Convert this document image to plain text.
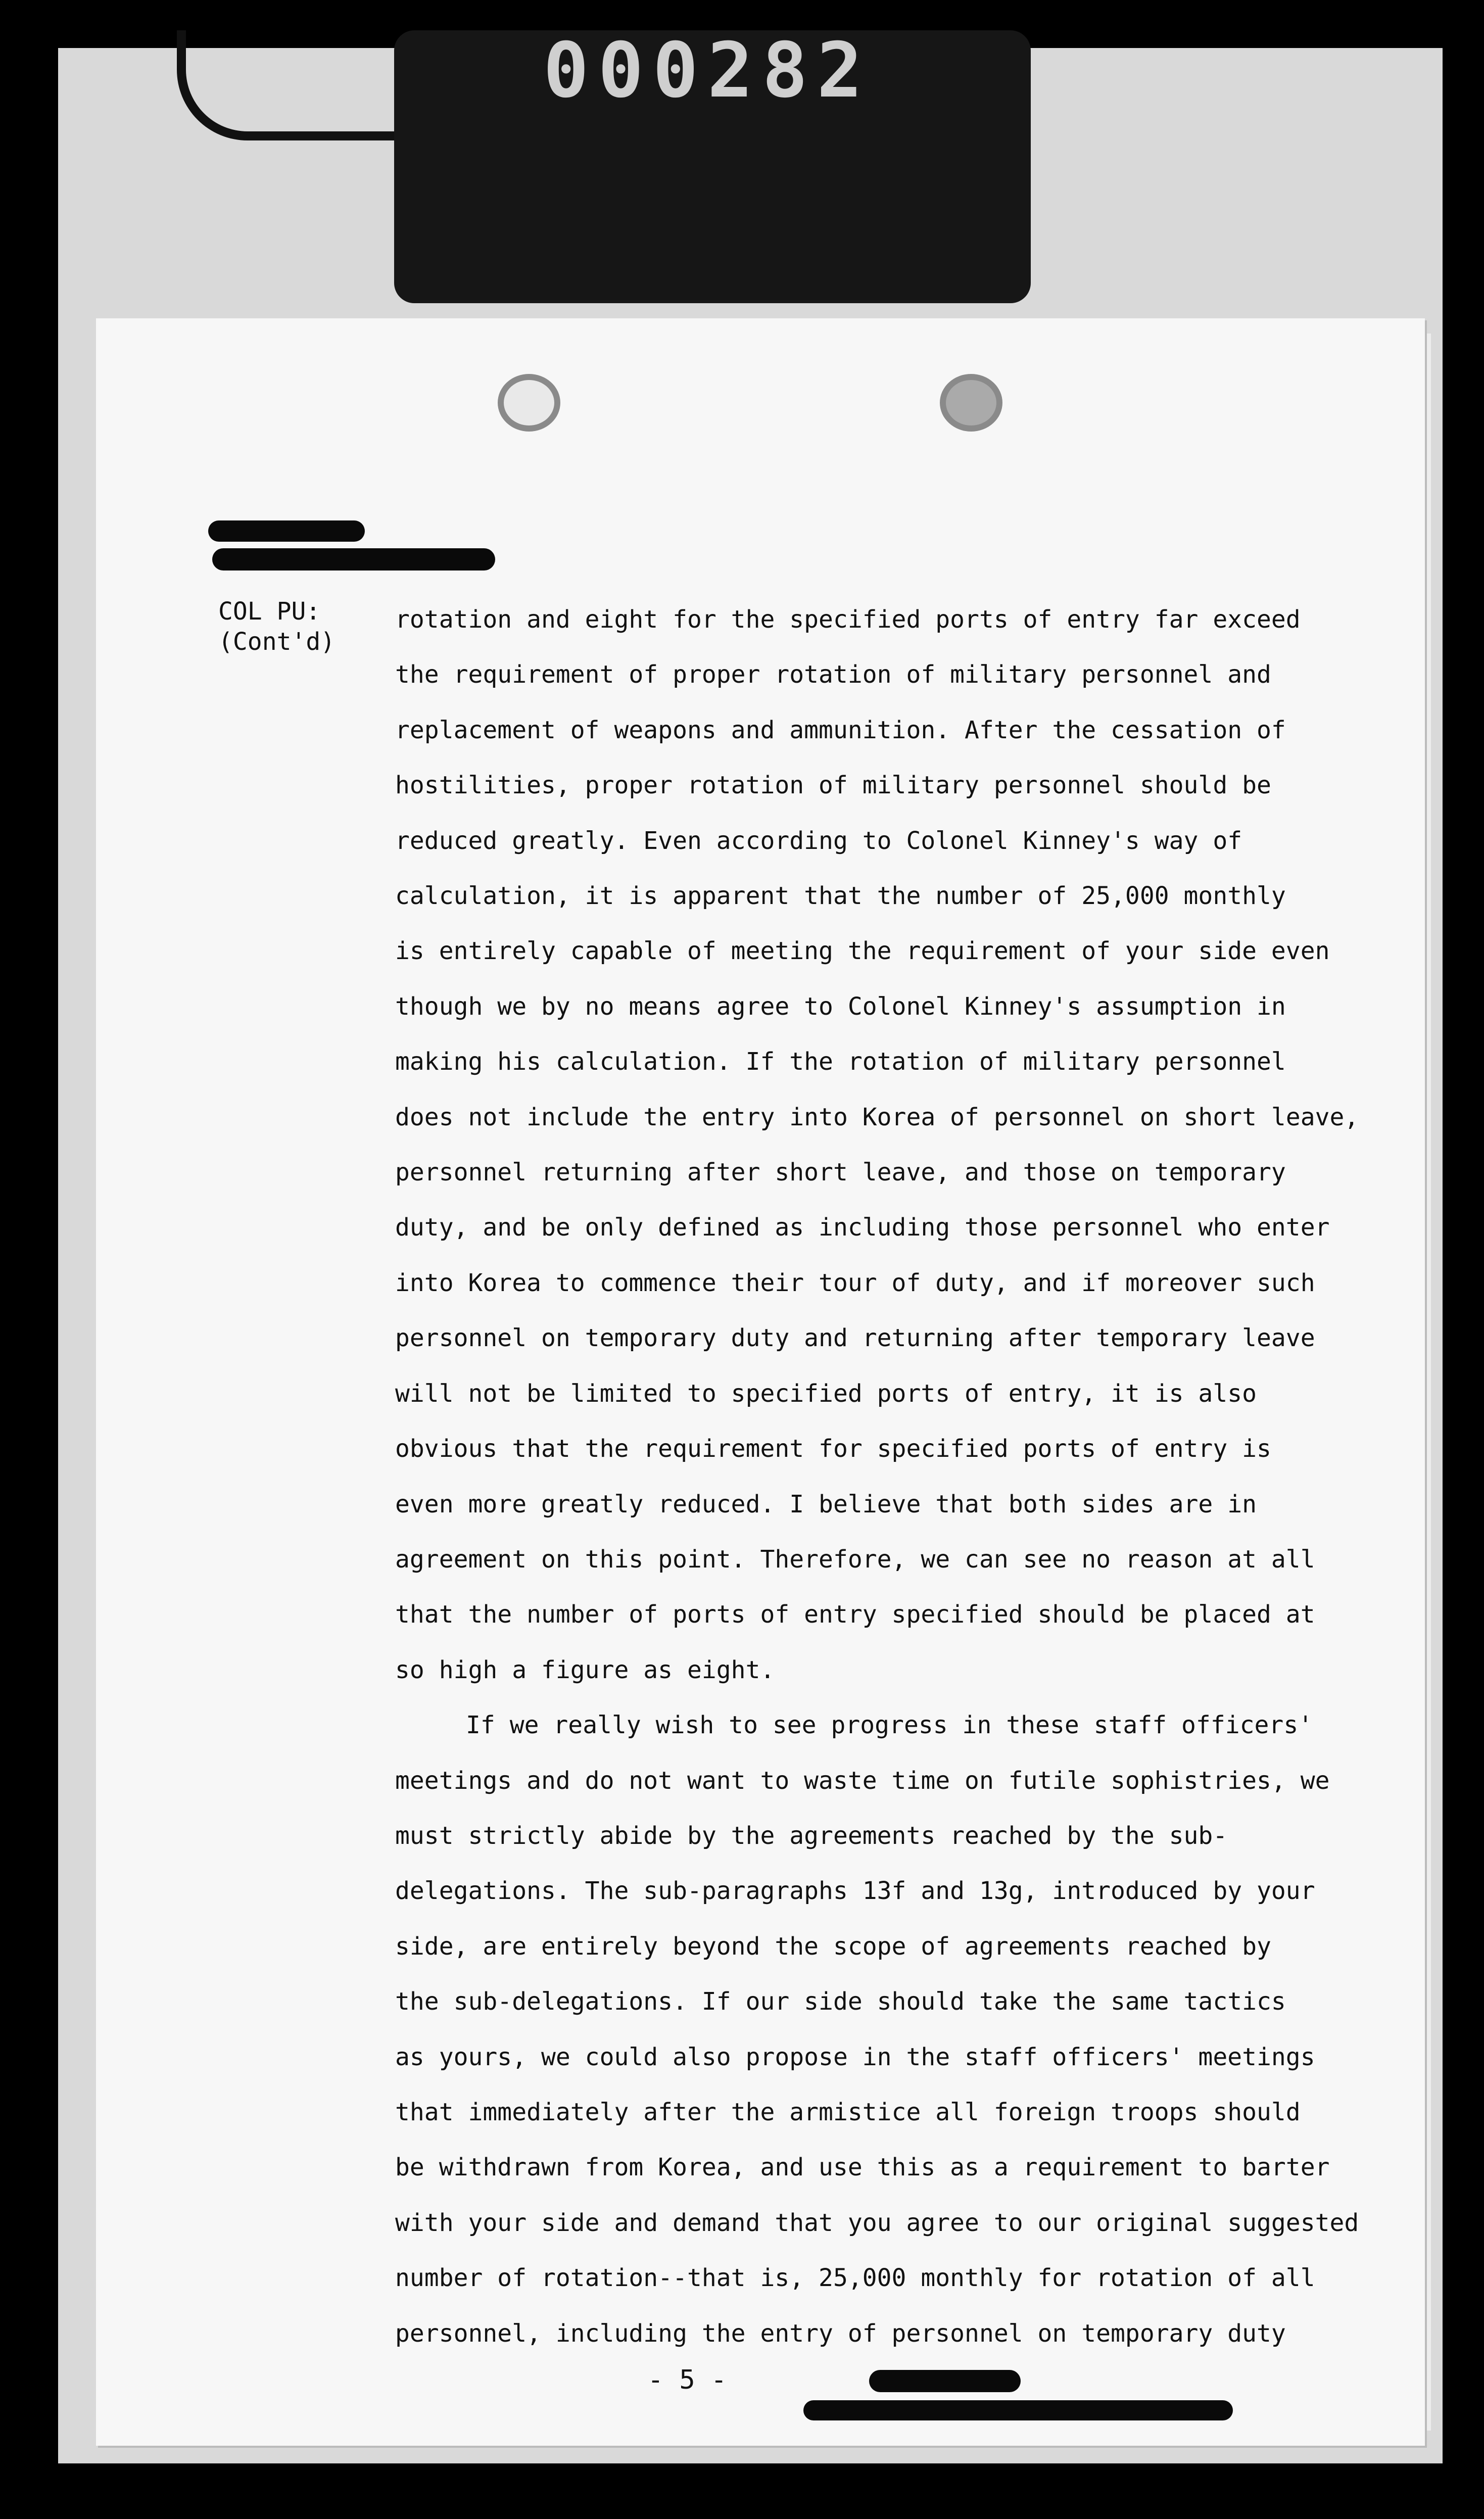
000282
COL PU:
(Cont'd)
rotation and eight for the specified ports of entry far exceed
the requirement of proper rotation of military personnel and
replacement of weapons and ammunition. After the cessation of
hostilities, proper rotation of military personnel should be
reduced greatly. Even according to Colonel Kinney's way of
calculation, it is apparent that the number of 25,000 monthly
is entirely capable of meeting the requirement of your side even
though we by no means agree to Colonel Kinney's assumption in
making his calculation. If the rotation of military personnel
does not include the entry into Korea of personnel on short leave,
personnel returning after short leave, and those on temporary
duty, and be only defined as including those personnel who enter
into Korea to commence their tour of duty, and if moreover such
personnel on temporary duty and returning after temporary leave
will not be limited to specified ports of entry, it is also
obvious that the requirement for specified ports of entry is
even more greatly reduced. I believe that both sides are in
agreement on this point. Therefore, we can see no reason at all
that the number of ports of entry specified should be placed at
so high a figure as eight.
If we really wish to see progress in these staff officers'
meetings and do not want to waste time on futile sophistries, we
must strictly abide by the agreements reached by the sub-
delegations. The sub-paragraphs 13f and 13g, introduced by your
side, are entirely beyond the scope of agreements reached by
the sub-delegations. If our side should take the same tactics
as yours, we could also propose in the staff officers' meetings
that immediately after the armistice all foreign troops should
be withdrawn from Korea, and use this as a requirement to barter
with your side and demand that you agree to our original suggested
number of rotation--that is, 25,000 monthly for rotation of all
personnel, including the entry of personnel on temporary duty
- 5 -
